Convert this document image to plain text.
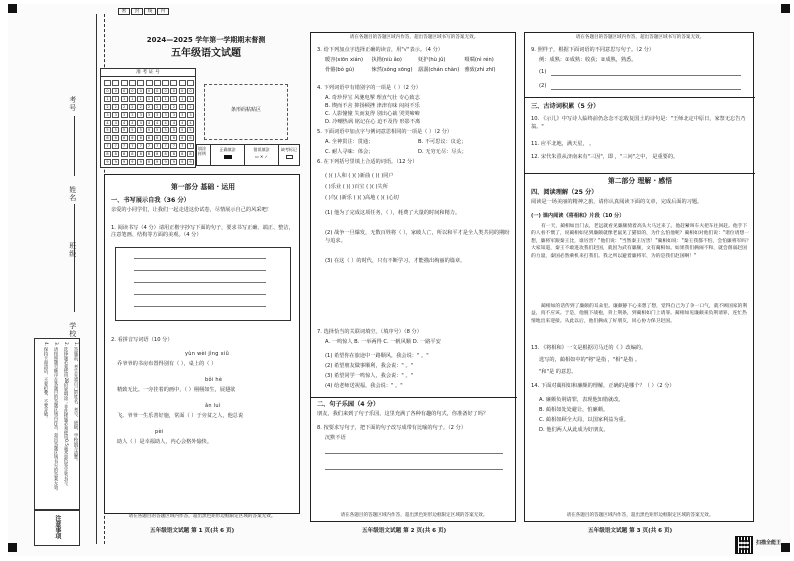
考号
姓名
班级
学校
1. 答题前，考生先将自己的姓名、考号、班级、学校填写清楚。
2. 选择题必须使用2B铅笔填涂；非选择题必须使用0.5毫米黑色签字笔书写。
3. 请按照题号顺序在各题目的答题区域内作答，超出答题区域书写的答案无效。
4. 保持卡面清洁，不要折叠、不要弄破。
注意事项
密	封	线	内
2024—2025 学年第一学期期末督测
五年级语文试题
准 考 证 号
0
1
2
3
4
5
6
7
8
9
0
1
2
3
4
5
6
7
8
9
0
1
2
3
4
5
6
7
8
9
0
1
2
3
4
5
6
7
8
9
0
1
2
3
4
5
6
7
8
9
0
1
2
3
4
5
6
7
8
9
0
1
2
3
4
5
6
7
8
9
0
1
2
3
4
5
6
7
8
9
0
1
2
3
4
5
6
7
8
9
0
1
2
3
4
5
6
7
8
9
0
1
2
3
4
5
6
7
8
9
条形码粘贴区
填涂样例
正确填涂	错误填涂
▭ ✕ ✓
缺考标记
第一部分 基础 · 运用
一、书写展示自我（36 分）
亲爱的小同学们，让我们一起走进这份试卷，尽情展示自己的风采吧！
1. 阅读书写（4 分）请用正楷字抄写下面的句子，要求书写正确、端正、整洁，注意笔画、结构等方面的美观。（4 分）
2. 看拼音写词语（10 分）
yùn wèi jìng xiǔ
乔爷爷的书房布置得别有（ ），桌上的（ ）
bǒi hè
精致无比。一旁挂着的画中，（ ）栩栩如生，展翅欲
ǎn luì
飞。爷爷一生乐善好施，常面（ ）于旁贫之人，他总说
pèi
助人（ ）是幸福助人，内心会格外愉快。
请在各题目的答题区域内作答，超出黑色矩形边框限定区域的答案无效。
五年级语文试题 第 1 页(共 6 页)
请在各题目的答题区域内作答，超出答题区域书写的答案无效。
3. 给下列加点字选择正确的读音，用"√"表示。（4 分）
暖容(xiōn xián)	执拗(niù ǎo)	妩护(hù jǔ)	嗫嚅(nì rén)
骨骼(bó gú)	悚然(sǒng sōng)	潺潺(chán chàn)	雅致(zhì zhī)
4. 下列词语中有错别字的一项是（ ）（2 分）
A. 奇珍异宝 风驰电掣 理直气壮 专心致志
B. 锲而不舍 抑扬顿挫 津津有味 闷闷不乐
C. 人影憧憧 失而复得 别出心裁 哭哭啼啼
D. 冷嘲热讽 铭记在心 迫不及待 形影不离
5. 下面词语中加点字与例词意思相同的一项是（ ）（2 分）
A. 全神贯注：贯通；	B. 不可思议：议论；
C. 耐人寻味：体会；	D. 无穷无尽：尽头；
6. 在下列括号里填上合适的词语。（12 分）
( )( )人和 ( )( )新曲 ( )( )同户
( )乐业 ( )( )百宝 ( )( )失所
( )鸟( )新乐 ( )( )高地 ( )( )心切
(1) 他为了完成这项任务，（ ），耗费了大量的时间和精力。
(2) 战争一旦爆发，无数百姓将（ ），家破人亡，所以和平才是全人类共同的期盼与追求。
(3) 在这（ ）的时代，只有不断学习，才能描出绚丽的篇章。
7. 选择恰当的关联词填空。（填序号）（8 分）
A. 一鸣惊人 B. 一举两得 C. 一帆风顺 D. 一路平安
(1) 希望你在旅途中一路顺风，我会说：" 。"
(2) 希望朋友做事顺利，我会说：" 。"
(3) 希望同学一鸣惊人，我会说：" 。"
(4) 给老师送祝福，我会说：" 。"
二、句子乐园（4 分）
朋友，我们来到了句子乐园，这里充满了各种有趣的句式，你准备好了吗？
8. 按要求写句子，把下面的句子改写成带有比喻的句子。（2 分）
沉默不语
请在各题目的答题区域内作答，超出黑色矩形边框限定区域的答案无效。
五年级语文试题 第 2 页(共 6 页)
请在各题目的答题区域内作答，超出答题区域书写的答案无效。
9. 照样子，根据下面词语的不同意思写句子。（2 分）
例：成熟：①成熟：收获；②成熟，熟悉。
(1)
(2)
三、古诗词积累（5 分）
10. 《示儿》中写诗人临终前仍念念不忘收复国土的诗句是："王师北定中原日，家祭无忘告乃翁。"
11. 应平北地，满天星， 。
12. 宋代朱熹从济南来有"三因"，即 ，"三问"之中， 是重要的。
第二部分 理解 · 感悟
四、阅读理解（25 分）
阅读是一场美丽的精神之旅，请你认真阅读下面的文章，完成后面的习题。
(一) 课内阅读《将相和》片段（10 分）
有一天，蔺相如出门去，老远就看见廉颇骑着高头大马过来了。他赶紧叫车夫把车往回赶。他手下的人看不惯了，说蔺相如见到廉颇就像老鼠见了猫似的，为什么怕他呢？蔺相如对他们说："诸位请想一想，廉将军跟秦王比，谁厉害？"他们说："当然秦王厉害！"蔺相如说："秦王我都不怕，会怕廉将军吗？大家知道，秦王不敢进攻我们赵国，就因为武有廉颇，文有蔺相如。如果我们俩闹不和，就会削弱赵国的力量，秦国必然乘机来打我们。我之所以避着廉将军，为的是我们赵国啊！"
蔺相如的话传到了廉颇的耳朵里。廉颇静下心来想了想，觉得自己为了争一口气，就不顾国家的利益，真不应该。于是，他脱下战袍，背上荆条，到蔺相如门上请罪。蔺相如见廉颇来负荆请罪，连忙热情地出来迎接。从此以后，他们俩成了好朋友，同心协力保卫赵国。
13. 《将相和》一文是根据司马迁的《 》改编的。
选写的，蔺相如中的"将"是指 ，"相"是指 。
"和"是 的意思。
14. 下面对蔺相如和廉颇的理解，正确的是哪个？（ ）（2 分）
A. 廉颇负荆请罪，表现他知错就改。
B. 蔺相如处处避让，怕廉颇。
C. 蔺相如顾全大局，以国家利益为重。
D. 他们两人从此成为好朋友。
请在各题目的答题区域内作答，超出黑色矩形边框限定区域的答案无效。
五年级语文试题 第 3 页(共 6 页)
扫描全能王
